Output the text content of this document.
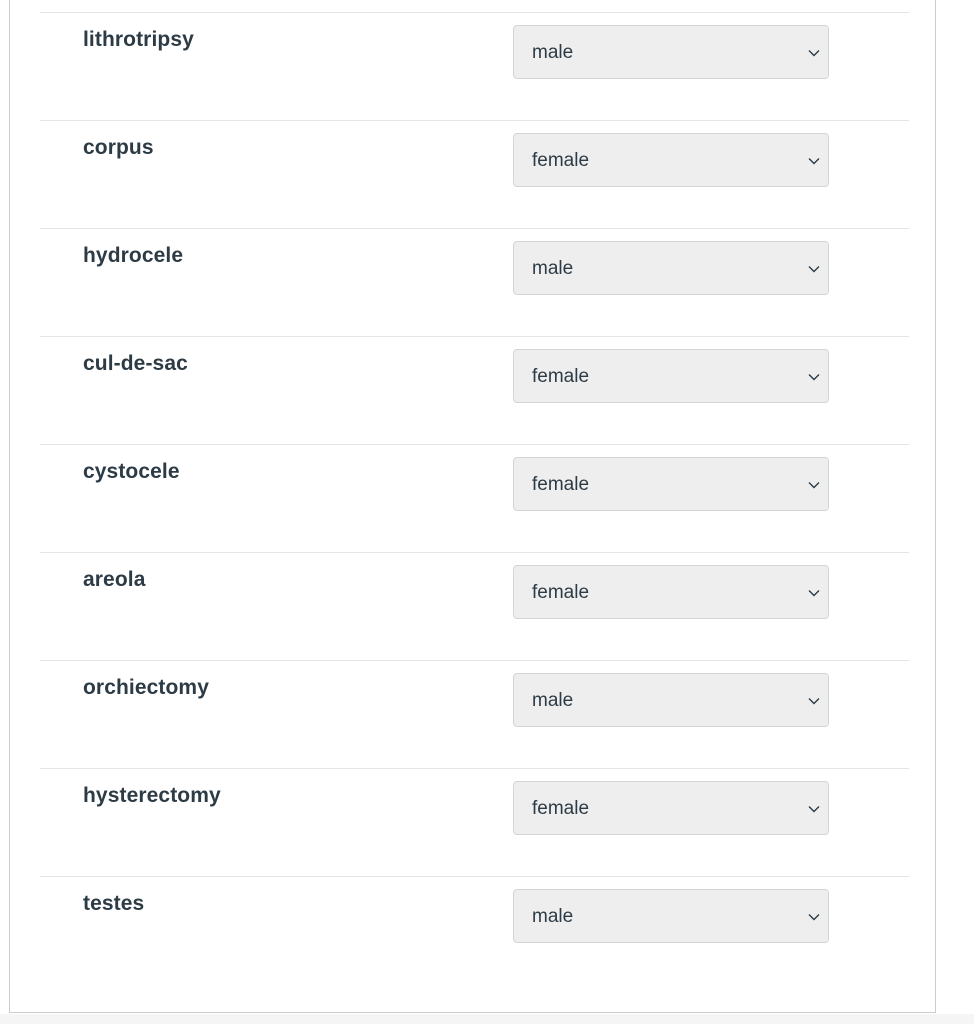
lithrotripsy
male
corpus
female
hydrocele
male
cul-de-sac
female
cystocele
female
areola
female
orchiectomy
male
hysterectomy
female
testes
male
